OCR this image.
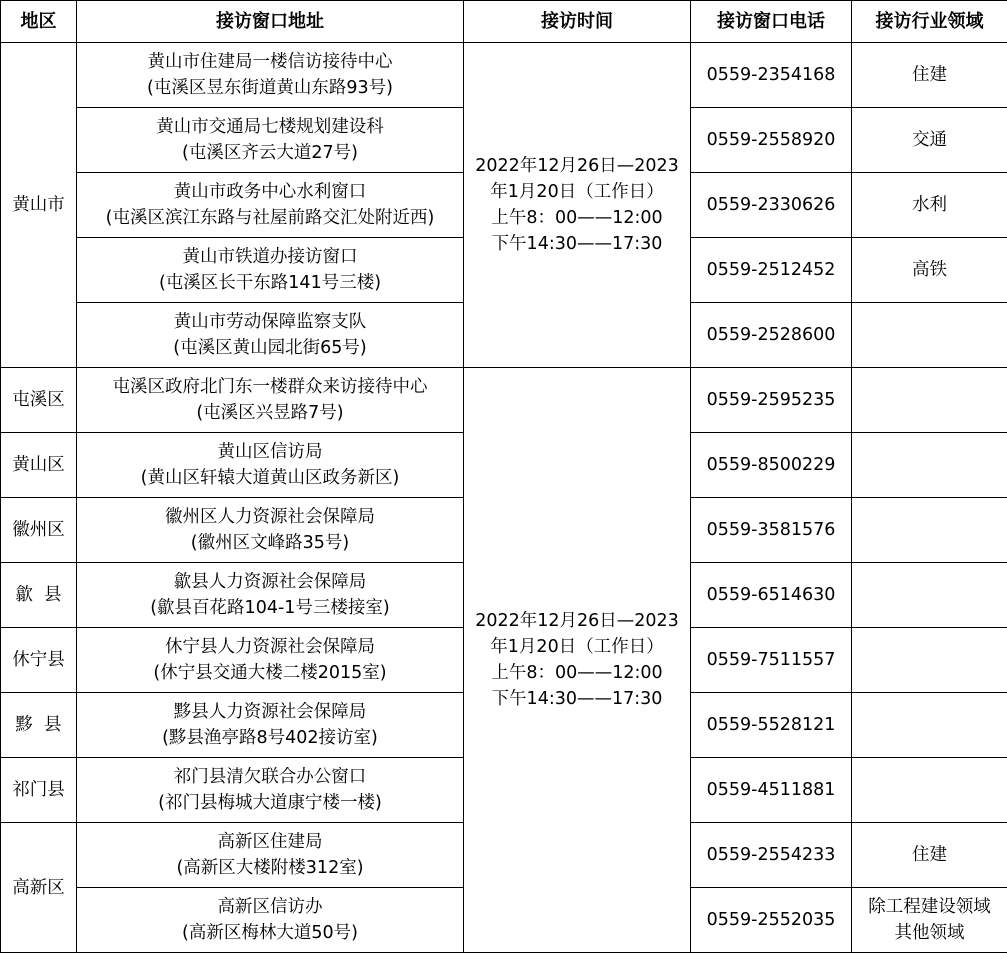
地区	接访窗口地址	接访时间	接访窗口电话	接访行业领域
黄山市	黄山市住建局一楼信访接待中心
(屯溪区昱东街道黄山东路93号)	2022年12月26日—2023
年1月20日（工作日）
上午8：00——12:00
下午14:30——17:30	0559-2354168	住建

	黄山市交通局七楼规划建设科
(屯溪区齐云大道27号)		0559-2558920	交通

	黄山市政务中心水利窗口
(屯溪区滨江东路与社屋前路交汇处附近西)		0559-2330626	水利

	黄山市铁道办接访窗口
(屯溪区长干东路141号三楼)		0559-2512452	高铁

	黄山市劳动保障监察支队
(屯溪区黄山园北街65号)		0559-2528600	
屯溪区	屯溪区政府北门东一楼群众来访接待中心
(屯溪区兴昱路7号)	2022年12月26日—2023
年1月20日（工作日）
上午8：00——12:00
下午14:30——17:30	0559-2595235	
黄山区	黄山区信访局
(黄山区轩辕大道黄山区政务新区)		0559-8500229	
徽州区	徽州区人力资源社会保障局
(徽州区文峰路35号)		0559-3581576	
歙  县	歙县人力资源社会保障局
(歙县百花路104-1号三楼接室)		0559-6514630	
休宁县	休宁县人力资源社会保障局
(休宁县交通大楼二楼2015室)		0559-7511557	
黟  县	黟县人力资源社会保障局
(黟县渔亭路8号402接访室)		0559-5528121	
祁门县	祁门县清欠联合办公窗口
(祁门县梅城大道康宁楼一楼)		0559-4511881	
高新区	高新区住建局
(高新区大楼附楼312室)		0559-2554233	住建

	高新区信访办
(高新区梅林大道50号)		0559-2552035	除工程建设领域
其他领域
